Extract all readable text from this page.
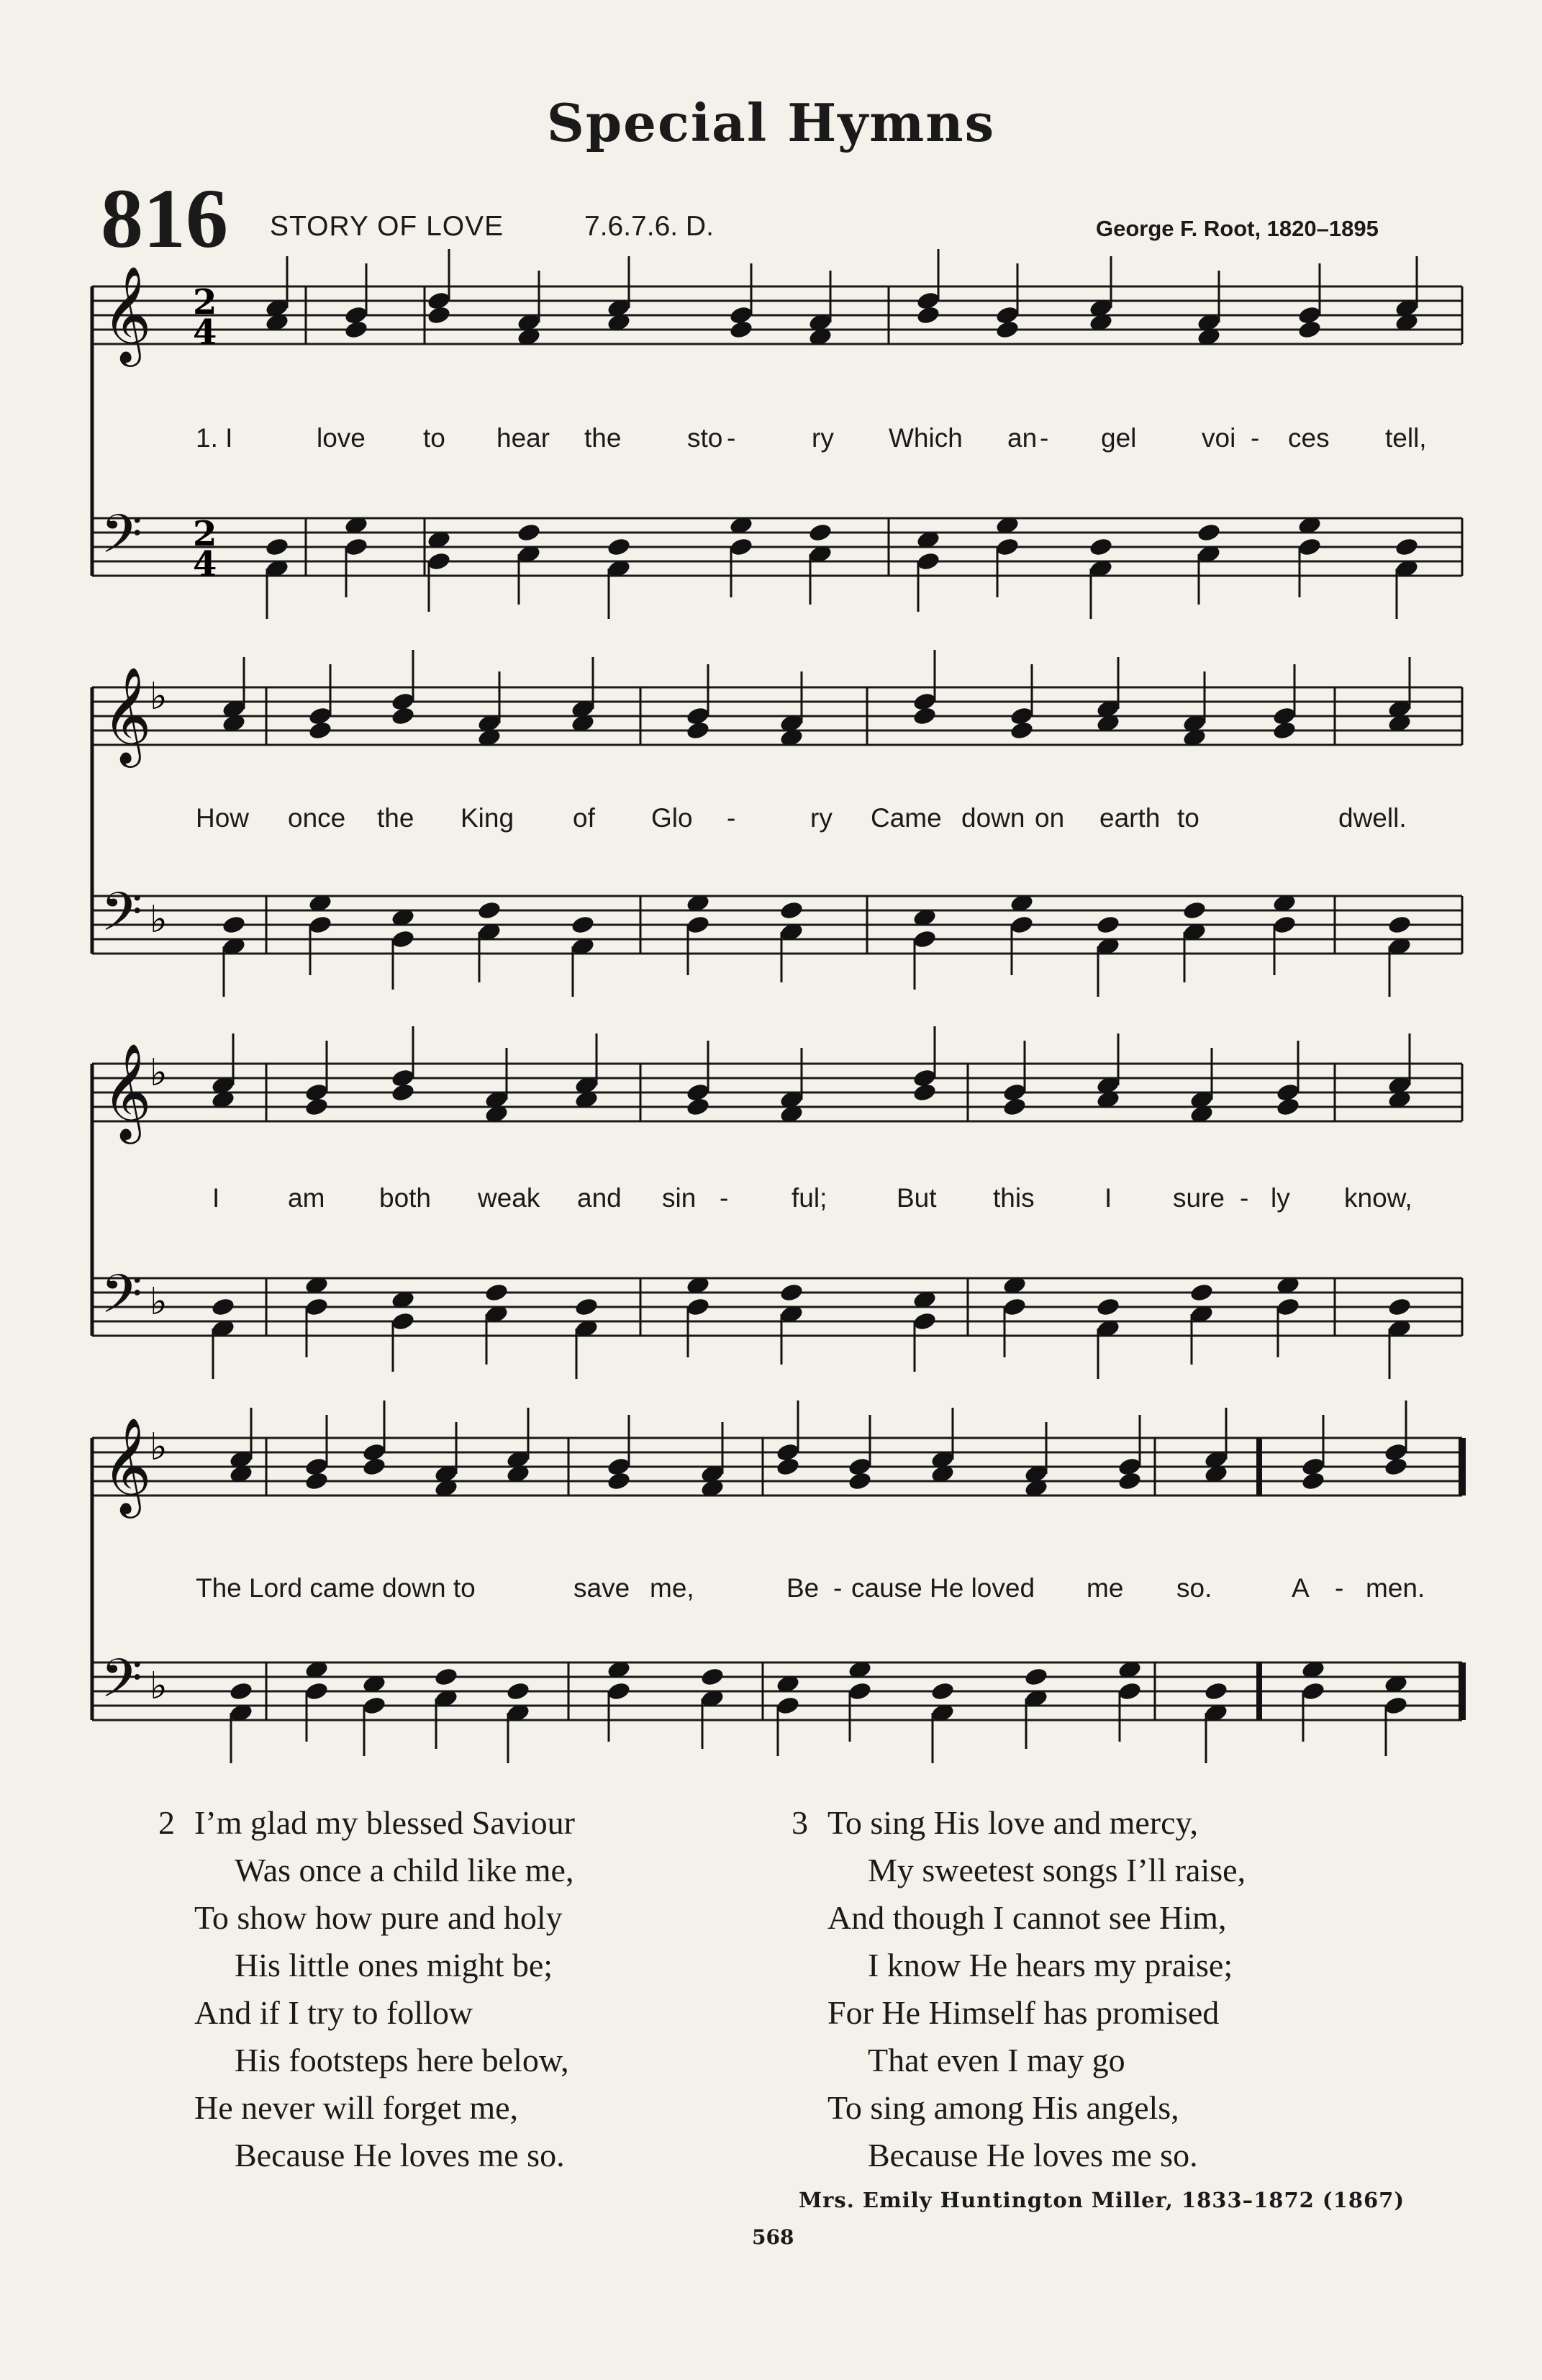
Special Hymns
816 STORY OF LOVE	7.6.7.6. D.	George F. Root, 1820–1895
𝄞
𝄢
2
4
2
4
𝄞
𝄢
♭
♭
𝄞
𝄢
♭
♭
𝄞
𝄢
♭
♭
1. I	love to hear the sto -	ry Which an - gel voi - ces tell,
How once the King of Glo -	ry Came down on earth to	dwell.
I	am both weak and sin - ful;	But this	I sure - ly know,
The Lord came down to	save me,	Be - cause He loved me so.	A - men.
2 I’m glad my blessed Saviour
Was once a child like me,
To show how pure and holy
His little ones might be;
And if I try to follow
His footsteps here below,
He never will forget me,
Because He loves me so.
3 To sing His love and mercy,
My sweetest songs I’ll raise,
And though I cannot see Him,
I know He hears my praise;
For He Himself has promised
That even I may go
To sing among His angels,
Because He loves me so.
Mrs. Emily Huntington Miller, 1833–1872 (1867)
568
